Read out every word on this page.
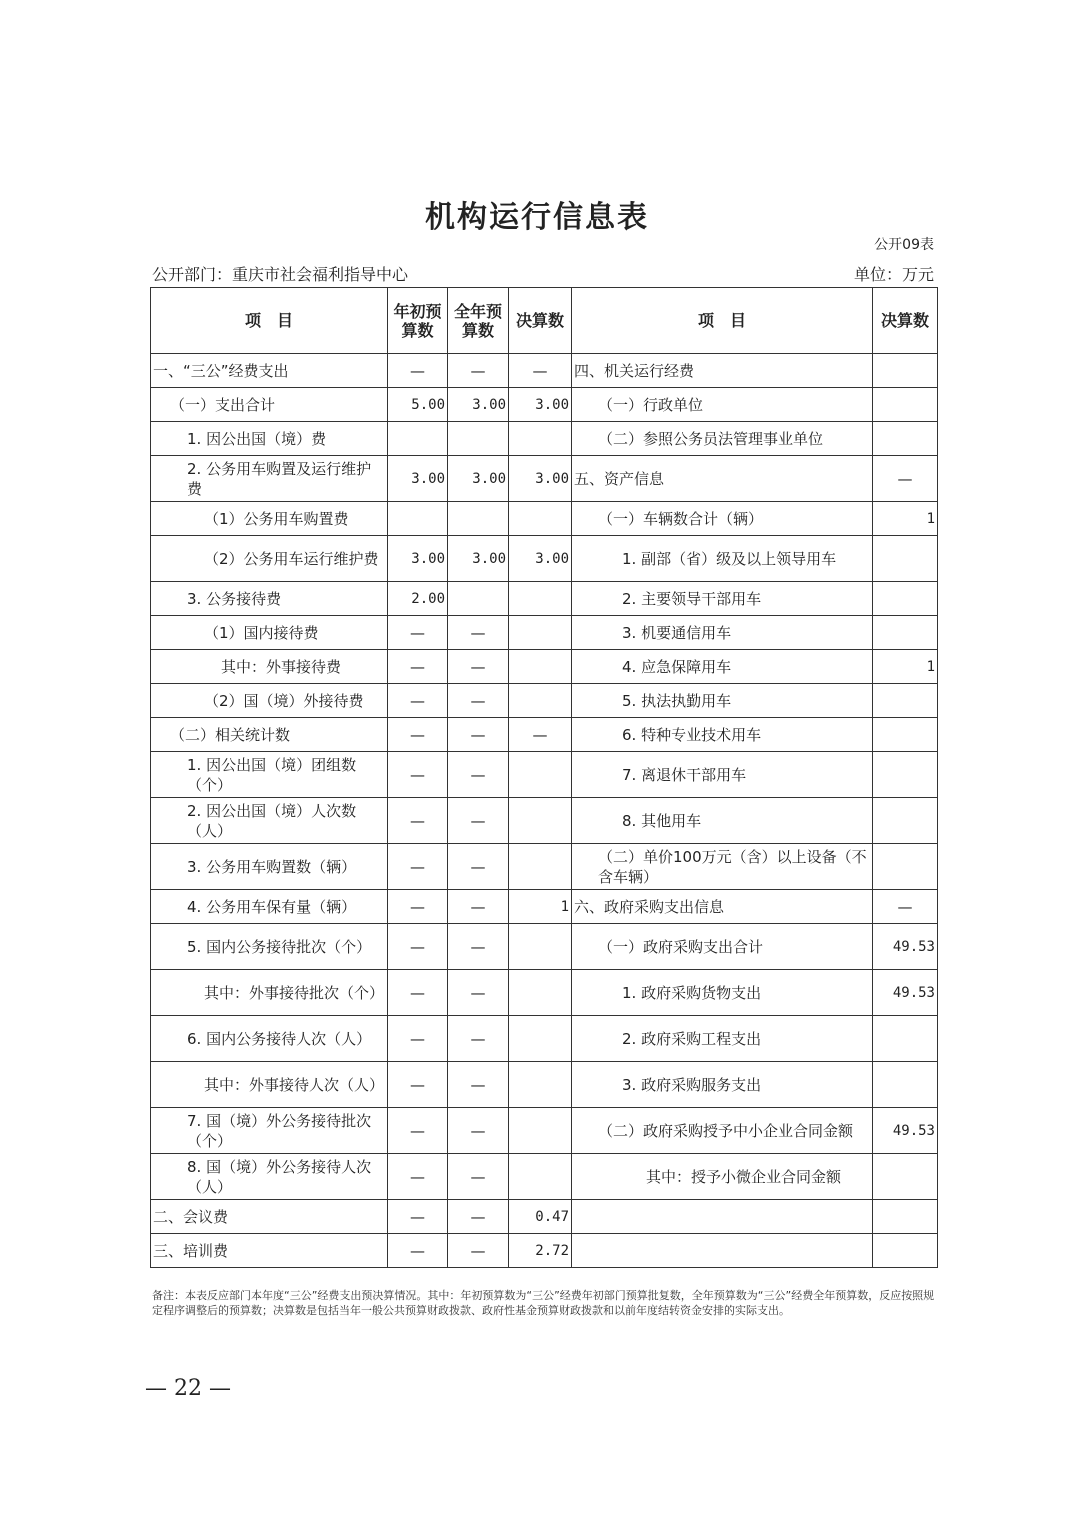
机构运行信息表
公开09表
公开部门：重庆市社会福利指导中心	单位：万元
项　目	年初预算数	全年预算数	决算数	项　目	决算数
一、“三公”经费支出	—	—	—	四、机关运行经费	
（一）支出合计	5.00	3.00	3.00	（一）行政单位	
1. 因公出国（境）费				（二）参照公务员法管理事业单位	
2. 公务用车购置及运行维护费	3.00	3.00	3.00	五、资产信息	—
（1）公务用车购置费				（一）车辆数合计（辆）	1
（2）公务用车运行维护费	3.00	3.00	3.00	1. 副部（省）级及以上领导用车	
3. 公务接待费	2.00			2. 主要领导干部用车	
（1）国内接待费	—	—		3. 机要通信用车	
其中：外事接待费	—	—		4. 应急保障用车	1
（2）国（境）外接待费	—	—		5. 执法执勤用车	
（二）相关统计数	—	—	—	6. 特种专业技术用车	
1. 因公出国（境）团组数（个）	—	—		7. 离退休干部用车	
2. 因公出国（境）人次数（人）	—	—		8. 其他用车	
3. 公务用车购置数（辆）	—	—		（二）单价100万元（含）以上设备（不含车辆）	
4. 公务用车保有量（辆）	—	—	1	六、政府采购支出信息	—
5. 国内公务接待批次（个）	—	—		（一）政府采购支出合计	49.53
其中：外事接待批次（个）	—	—		1. 政府采购货物支出	49.53
6. 国内公务接待人次（人）	—	—		2. 政府采购工程支出	
其中：外事接待人次（人）	—	—		3. 政府采购服务支出	
7. 国（境）外公务接待批次（个）	—	—		（二）政府采购授予中小企业合同金额	49.53
8. 国（境）外公务接待人次（人）	—	—		其中：授予小微企业合同金额	
二、会议费	—	—	0.47		
三、培训费	—	—	2.72		
备注：本表反应部门本年度“三公”经费支出预决算情况。其中：年初预算数为“三公”经费年初部门预算批复数，全年预算数为“三公”经费全年预算数，反应按照规定程序调整后的预算数；决算数是包括当年一般公共预算财政拨款、政府性基金预算财政拨款和以前年度结转资金安排的实际支出。
— 22 —
